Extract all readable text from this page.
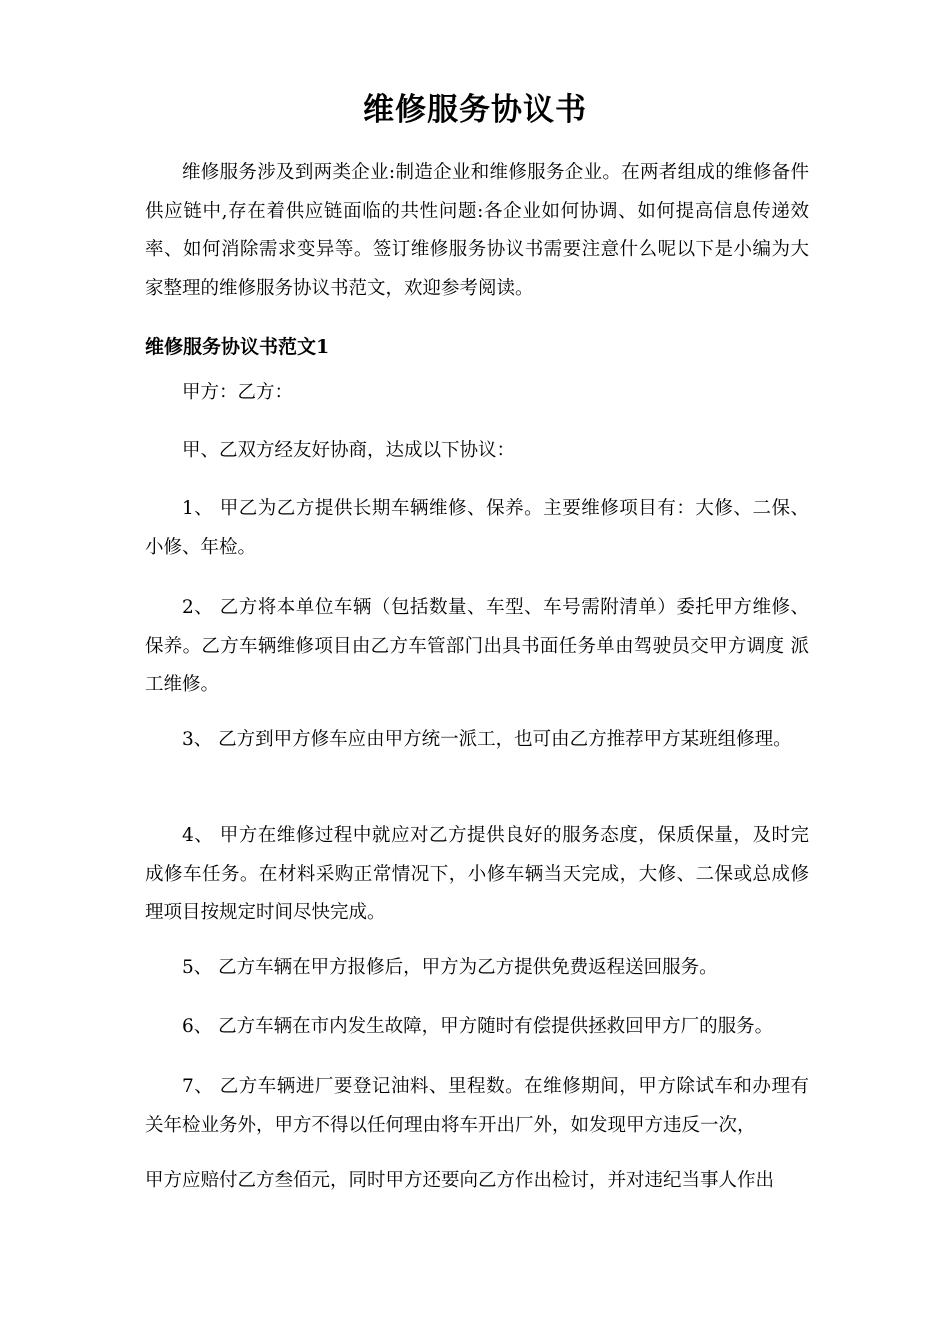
维修服务协议书

维修服务涉及到两类企业:制造企业和维修服务企业。在两者组成的维修备件供应链中,存在着供应链面临的共性问题:各企业如何协调、如何提高信息传递效率、如何消除需求变异等。签订维修服务协议书需要注意什么呢以下是小编为大家整理的维修服务协议书范文，欢迎参考阅读。

维修服务协议书范文1

甲方：乙方：

甲、乙双方经友好协商，达成以下协议：

1、 甲乙为乙方提供长期车辆维修、保养。主要维修项目有：大修、二保、小修、年检。

2、 乙方将本单位车辆（包括数量、车型、车号需附清单）委托甲方维修、 保养。乙方车辆维修项目由乙方车管部门出具书面任务单由驾驶员交甲方调度 派工维修。

3、 乙方到甲方修车应由甲方统一派工，也可由乙方推荐甲方某班组修理。

4、 甲方在维修过程中就应对乙方提供良好的服务态度，保质保量，及时完成修车任务。在材料采购正常情况下，小修车辆当天完成，大修、二保或总成修理项目按规定时间尽快完成。

5、 乙方车辆在甲方报修后，甲方为乙方提供免费返程送回服务。

6、 乙方车辆在市内发生故障，甲方随时有偿提供拯救回甲方厂的服务。

7、 乙方车辆进厂要登记油料、里程数。在维修期间，甲方除试车和办理有关年检业务外，甲方不得以任何理由将车开出厂外，如发现甲方违反一次，

甲方应赔付乙方叁佰元，同时甲方还要向乙方作出检讨，并对违纪当事人作出
